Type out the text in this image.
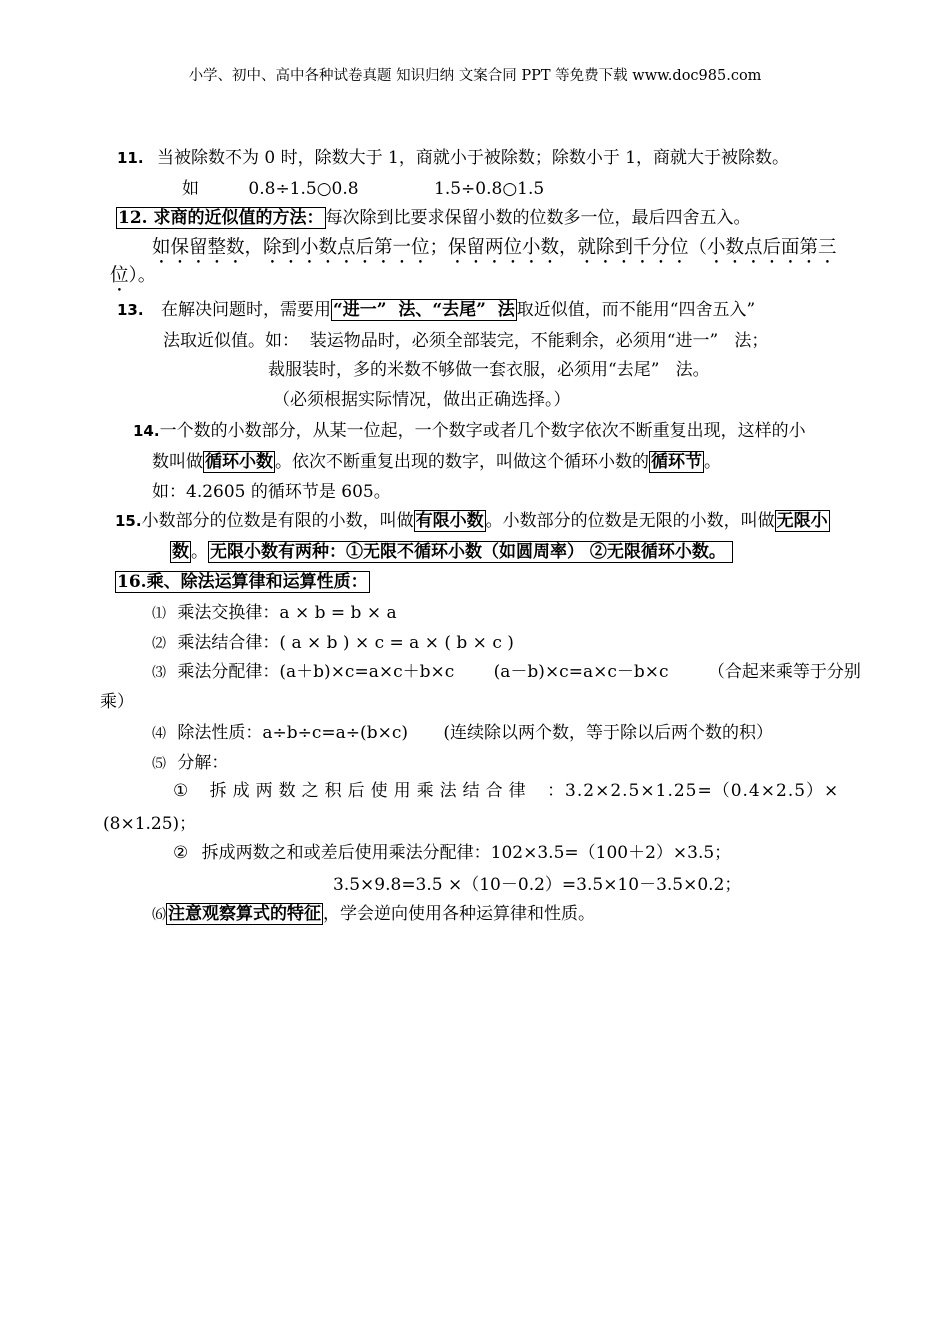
小学、初中、高中各种试卷真题 知识归纳 文案合同 PPT 等免费下载 www.doc985.com
11. 当被除数不为 0 时，除数大于 1，商就小于被除数；除数小于 1，商就大于被除数。
如	0.8÷1.5○0.8	1.5÷0.8○1.5
12. 求商的近似值的方法： 每次除到比要求保留小数的位数多一位，最后四舍五入。
如保留整数，除到小数点后第一位；保留两位小数，就除到千分位（小数点后面第三
位）。
13. 在解决问题时，需要用 “进一”  法、“去尾”  法 取近似值，而不能用“四舍五入”
法取近似值。如：  装运物品时，必须全部装完，不能剩余，必须用“进一”   法；
裁服装时，多的米数不够做一套衣服，必须用“去尾”   法。
（必须根据实际情况，做出正确选择。）
14.一个数的小数部分，从某一位起，一个数字或者几个数字依次不断重复出现，这样的小
数叫做 循环小数 。依次不断重复出现的数字，叫做这个循环小数的 循环节 。
如：4.2605 的循环节是 605。
15.小数部分的位数是有限的小数，叫做 有限小数 。小数部分的位数是无限的小数，叫做 无限小
数 。 无限小数有两种：①无限不循环小数（如圆周率） ②无限循环小数。
16.乘、除法运算律和运算性质：
⑴ 乘法交换律：a × b = b × a
⑵ 乘法结合律：( a × b ) × c = a × ( b × c )
⑶ 乘法分配律：(a＋b)×c=a×c＋b×c (a－b)×c=a×c－b×c （合起来乘等于分别
乘）
⑷ 除法性质：a÷b÷c=a÷(b×c) (连续除以两个数，等于除以后两个数的积）
⑸ 分解：
① 拆成两数之积后使用乘法结合律 ：3.2×2.5×1.25=（0.4×2.5）×
(8×1.25)；
② 拆成两数之和或差后使用乘法分配律：102×3.5=（100＋2）×3.5；
3.5×9.8=3.5 ×（10－0.2）=3.5×10－3.5×0.2；
⑹ 注意观察算式的特征 ，学会逆向使用各种运算律和性质。
